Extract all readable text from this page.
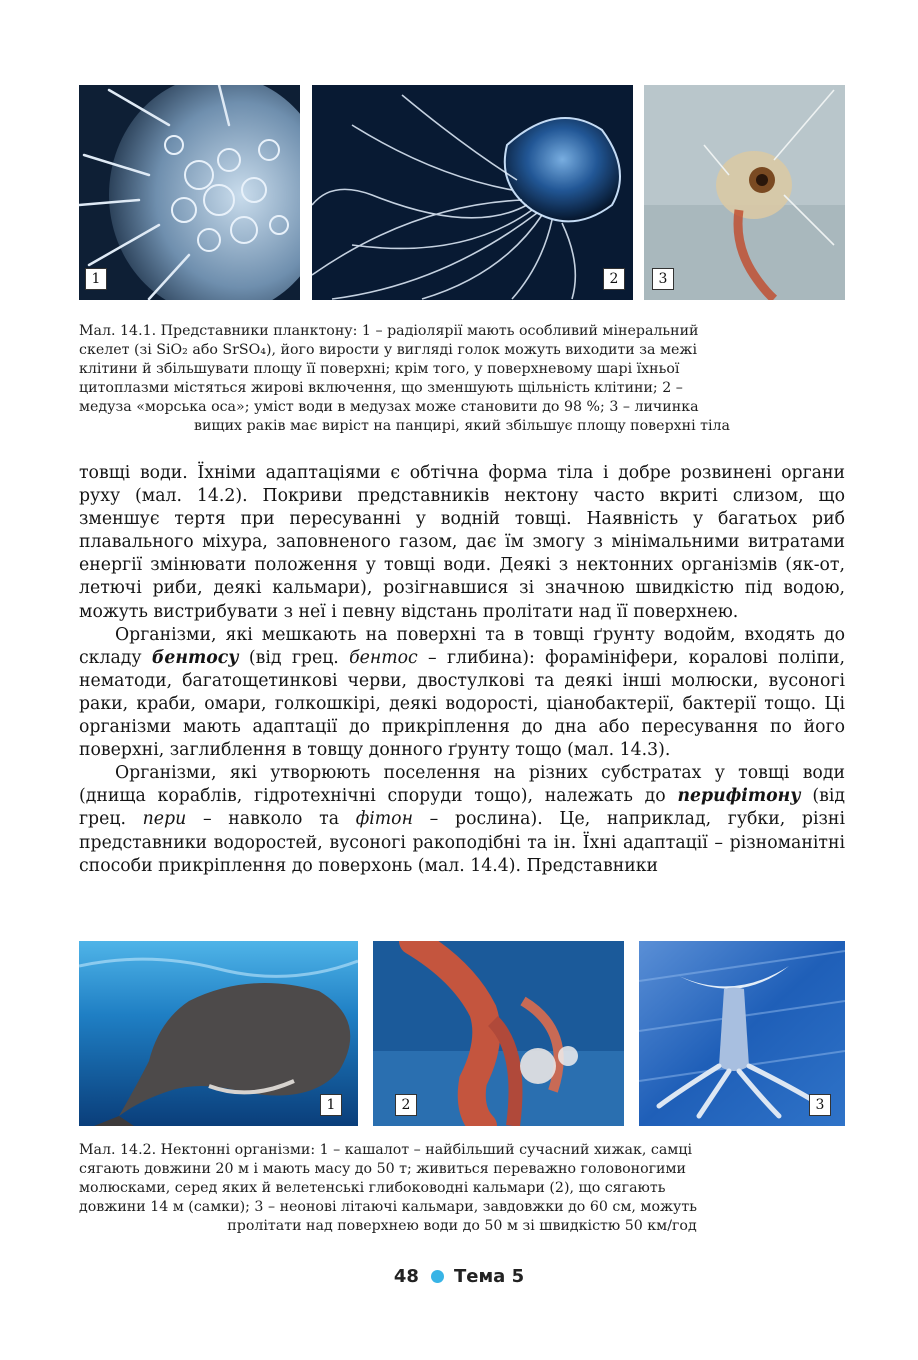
1	2	3
Мал. 14.1. Представники планктону: 1 – радіолярії мають особливий мінеральний
скелет (зі SiO₂ або SrSO₄), його вирости у вигляді голок можуть виходити за межі
клітини й збільшувати площу її поверхні; крім того, у поверхневому шарі їхньої
цитоплазми містяться жирові включення, що зменшують щільність клітини; 2 –
медуза «морська оса»; уміст води в медузах може становити до 98 %; 3 – личинка
вищих раків має виріст на панцирі, який збільшує площу поверхні тіла

товщі води. Їхніми адаптаціями є обтічна форма тіла і добре розвинені органи руху (мал. 14.2). Покриви представників нектону часто вкриті слизом, що зменшує тертя при пересуванні у водній товщі. Наявність у багатьох риб плавального міхура, заповненого газом, дає їм змогу з мінімальними витратами енергії змінювати положення у товщі води. Деякі з нектонних організмів (як-от, летючі риби, деякі кальмари), розігнавшися зі значною швидкістю під водою, можуть вистрибувати з неї і певну відстань пролітати над її поверхнею.

Організми, які мешкають на поверхні та в товщі ґрунту водойм, входять до складу бентосу (від грец. бентос – глибина): форамініфери, коралові поліпи, нематоди, багатощетинкові черви, двостулкові та деякі інші молюски, вусоногі раки, краби, омари, голкошкірі, деякі водорості, ціанобактерії, бактерії тощо. Ці організми мають адаптації до прикріплення до дна або пересування по його поверхні, заглиблення в товщу донного ґрунту тощо (мал. 14.3).

Організми, які утворюють поселення на різних субстратах у товщі води (днища кораблів, гідротехнічні споруди тощо), належать до перифітону (від грец. пери – навколо та фітон – рослина). Це, наприклад, губки, різні представники водоростей, вусоногі ракоподібні та ін. Їхні адаптації – різноманітні способи прикріплення до поверхонь (мал. 14.4). Представники

1	2	3
Мал. 14.2. Нектонні організми: 1 – кашалот – найбільший сучасний хижак, самці
сягають довжини 20 м і мають масу до 50 т; живиться переважно головоногими
молюсками, серед яких й велетенські глибоководні кальмари (2), що сягають
довжини 14 м (самки); 3 – неонові літаючі кальмари, завдовжки до 60 см, можуть
пролітати над поверхнею води до 50 м зі швидкістю 50 км/год
48 Тема 5
